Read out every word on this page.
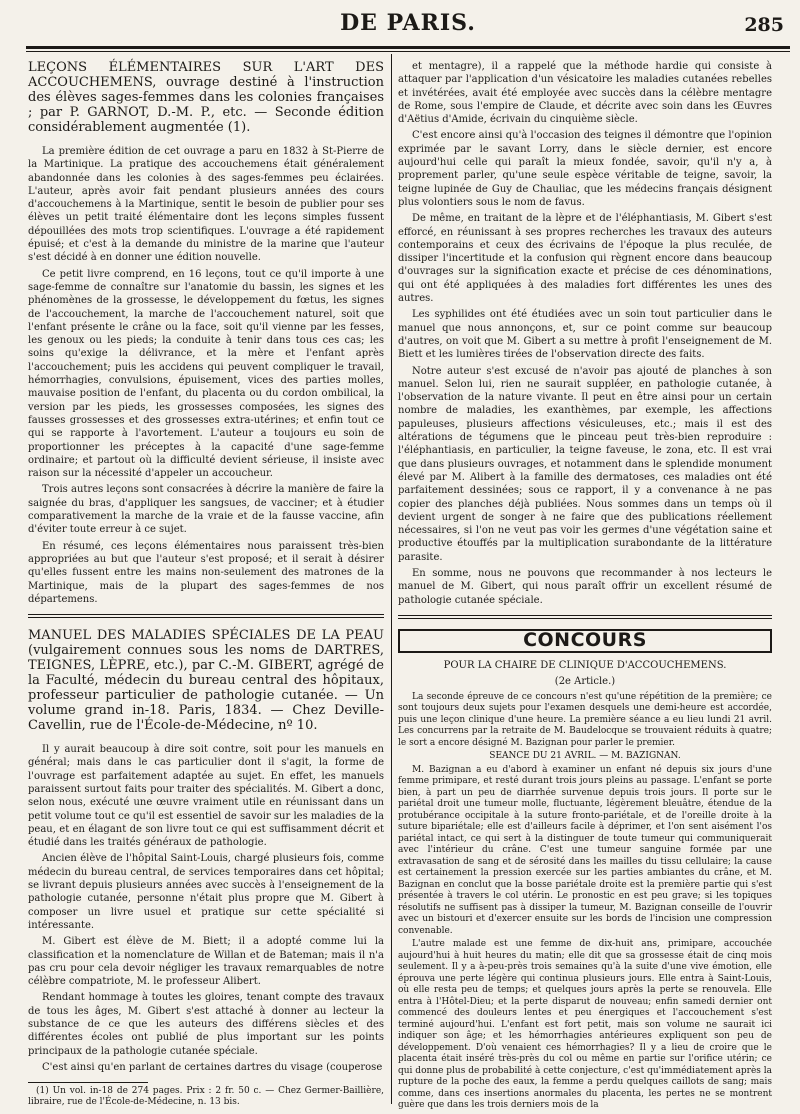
DE PARIS.	285

LEÇONS ÉLÉMENTAIRES SUR L'ART DES ACCOUCHEMENS, ouvrage destiné à l'instruction des élèves sages-femmes dans les colonies françaises ; par P. GARNOT, D.-M. P., etc. — Seconde édition considérablement augmentée (1).

La première édition de cet ouvrage a paru en 1832 à St-Pierre de la Martinique. La pratique des accouchemens était généralement abandonnée dans les colonies à des sages-femmes peu éclairées. L'auteur, après avoir fait pendant plusieurs années des cours d'accouchemens à la Martinique, sentit le besoin de publier pour ses élèves un petit traité élémentaire dont les leçons simples fussent dépouillées des mots trop scientifiques. L'ouvrage a été rapidement épuisé; et c'est à la demande du ministre de la marine que l'auteur s'est décidé à en donner une édition nouvelle.

Ce petit livre comprend, en 16 leçons, tout ce qu'il importe à une sage-femme de connaître sur l'anatomie du bassin, les signes et les phénomènes de la grossesse, le développement du fœtus, les signes de l'accouchement, la marche de l'accouchement naturel, soit que l'enfant présente le crâne ou la face, soit qu'il vienne par les fesses, les genoux ou les pieds; la conduite à tenir dans tous ces cas; les soins qu'exige la délivrance, et la mère et l'enfant après l'accouchement; puis les accidens qui peuvent compliquer le travail, hémorrhagies, convulsions, épuisement, vices des parties molles, mauvaise position de l'enfant, du placenta ou du cordon ombilical, la version par les pieds, les grossesses composées, les signes des fausses grossesses et des grossesses extra-utérines; et enfin tout ce qui se rapporte à l'avortement. L'auteur a toujours eu soin de proportionner les préceptes à la capacité d'une sage-femme ordinaire; et partout où la difficulté devient sérieuse, il insiste avec raison sur la nécessité d'appeler un accoucheur.

Trois autres leçons sont consacrées à décrire la manière de faire la saignée du bras, d'appliquer les sangsues, de vacciner; et à étudier comparativement la marche de la vraie et de la fausse vaccine, afin d'éviter toute erreur à ce sujet.

En résumé, ces leçons élémentaires nous paraissent très-bien appropriées au but que l'auteur s'est proposé; et il serait à désirer qu'elles fussent entre les mains non-seulement des matrones de la Martinique, mais de la plupart des sages-femmes de nos départemens.

MANUEL DES MALADIES SPÉCIALES DE LA PEAU (vulgairement connues sous les noms de DARTRES, TEIGNES, LÈPRE, etc.), par C.-M. GIBERT, agrégé de la Faculté, médecin du bureau central des hôpitaux, professeur particulier de pathologie cutanée. — Un volume grand in-18. Paris, 1834. — Chez Deville-Cavellin, rue de l'École-de-Médecine, nº 10.

Il y aurait beaucoup à dire soit contre, soit pour les manuels en général; mais dans le cas particulier dont il s'agit, la forme de l'ouvrage est parfaitement adaptée au sujet. En effet, les manuels paraissent surtout faits pour traiter des spécialités. M. Gibert a donc, selon nous, exécuté une œuvre vraiment utile en réunissant dans un petit volume tout ce qu'il est essentiel de savoir sur les maladies de la peau, et en élagant de son livre tout ce qui est suffisamment décrit et étudié dans les traités généraux de pathologie.

Ancien élève de l'hôpital Saint-Louis, chargé plusieurs fois, comme médecin du bureau central, de services temporaires dans cet hôpital; se livrant depuis plusieurs années avec succès à l'enseignement de la pathologie cutanée, personne n'était plus propre que M. Gibert à composer un livre usuel et pratique sur cette spécialité si intéressante.

M. Gibert est élève de M. Biett; il a adopté comme lui la classification et la nomenclature de Willan et de Bateman; mais il n'a pas cru pour cela devoir négliger les travaux remarquables de notre célèbre compatriote, M. le professeur Alibert.

Rendant hommage à toutes les gloires, tenant compte des travaux de tous les âges, M. Gibert s'est attaché à donner au lecteur la substance de ce que les auteurs des différens siècles et des différentes écoles ont publié de plus important sur les points principaux de la pathologie cutanée spéciale.

C'est ainsi qu'en parlant de certaines dartres du visage (couperose

(1) Un vol. in-18 de 274 pages. Prix : 2 fr. 50 c. — Chez Germer-Baillière, libraire, rue de l'École-de-Médecine, n. 13 bis.

et mentagre), il a rappelé que la méthode hardie qui consiste à attaquer par l'application d'un vésicatoire les maladies cutanées rebelles et invétérées, avait été employée avec succès dans la célèbre mentagre de Rome, sous l'empire de Claude, et décrite avec soin dans les Œuvres d'Aëtius d'Amide, écrivain du cinquième siècle.

C'est encore ainsi qu'à l'occasion des teignes il démontre que l'opinion exprimée par le savant Lorry, dans le siècle dernier, est encore aujourd'hui celle qui paraît la mieux fondée, savoir, qu'il n'y a, à proprement parler, qu'une seule espèce véritable de teigne, savoir, la teigne lupinée de Guy de Chauliac, que les médecins français désignent plus volontiers sous le nom de favus.

De même, en traitant de la lèpre et de l'éléphantiasis, M. Gibert s'est efforcé, en réunissant à ses propres recherches les travaux des auteurs contemporains et ceux des écrivains de l'époque la plus reculée, de dissiper l'incertitude et la confusion qui règnent encore dans beaucoup d'ouvrages sur la signification exacte et précise de ces dénominations, qui ont été appliquées à des maladies fort différentes les unes des autres.

Les syphilides ont été étudiées avec un soin tout particulier dans le manuel que nous annonçons, et, sur ce point comme sur beaucoup d'autres, on voit que M. Gibert a su mettre à profit l'enseignement de M. Biett et les lumières tirées de l'observation directe des faits.

Notre auteur s'est excusé de n'avoir pas ajouté de planches à son manuel. Selon lui, rien ne saurait suppléer, en pathologie cutanée, à l'observation de la nature vivante. Il peut en être ainsi pour un certain nombre de maladies, les exanthèmes, par exemple, les affections papuleuses, plusieurs affections vésiculeuses, etc.; mais il est des altérations de tégumens que le pinceau peut très-bien reproduire : l'éléphantiasis, en particulier, la teigne faveuse, le zona, etc. Il est vrai que dans plusieurs ouvrages, et notamment dans le splendide monument élevé par M. Alibert à la famille des dermatoses, ces maladies ont été parfaitement dessinées; sous ce rapport, il y a convenance à ne pas copier des planches déjà publiées. Nous sommes dans un temps où il devient urgent de songer à ne faire que des publications réellement nécessaires, si l'on ne veut pas voir les germes d'une végétation saine et productive étouffés par la multiplication surabondante de la littérature parasite.

En somme, nous ne pouvons que recommander à nos lecteurs le manuel de M. Gibert, qui nous paraît offrir un excellent résumé de pathologie cutanée spéciale.

CONCOURS

POUR LA CHAIRE DE CLINIQUE D'ACCOUCHEMENS.

(2e Article.)

La seconde épreuve de ce concours n'est qu'une répétition de la première; ce sont toujours deux sujets pour l'examen desquels une demi-heure est accordée, puis une leçon clinique d'une heure. La première séance a eu lieu lundi 21 avril. Les concurrens par la retraite de M. Baudelocque se trouvaient réduits à quatre; le sort a encore désigné M. Bazignan pour parler le premier.

SEANCE DU 21 AVRIL. — M. BAZIGNAN.

M. Bazignan a eu d'abord à examiner un enfant né depuis six jours d'une femme primipare, et resté durant trois jours pleins au passage. L'enfant se porte bien, à part un peu de diarrhée survenue depuis trois jours. Il porte sur le pariétal droit une tumeur molle, fluctuante, légèrement bleuâtre, étendue de la protubérance occipitale à la suture fronto-pariétale, et de l'oreille droite à la suture bipariétale; elle est d'ailleurs facile à déprimer, et l'on sent aisément l'os pariétal intact, ce qui sert à la distinguer de toute tumeur qui communiquerait avec l'intérieur du crâne. C'est une tumeur sanguine formée par une extravasation de sang et de sérosité dans les mailles du tissu cellulaire; la cause est certainement la pression exercée sur les parties ambiantes du crâne, et M. Bazignan en conclut que la bosse pariétale droite est la première partie qui s'est présentée à travers le col utérin. Le pronostic en est peu grave; si les topiques résolutifs ne suffisent pas à dissiper la tumeur, M. Bazignan conseille de l'ouvrir avec un bistouri et d'exercer ensuite sur les bords de l'incision une compression convenable.

L'autre malade est une femme de dix-huit ans, primipare, accouchée aujourd'hui à huit heures du matin; elle dit que sa grossesse était de cinq mois seulement. Il y a à-peu-près trois semaines qu'à la suite d'une vive émotion, elle éprouva une perte légère qui continua plusieurs jours. Elle entra à Saint-Louis, où elle resta peu de temps; et quelques jours après la perte se renouvela. Elle entra à l'Hôtel-Dieu; et la perte disparut de nouveau; enfin samedi dernier ont commencé des douleurs lentes et peu énergiques et l'accouchement s'est terminé aujourd'hui. L'enfant est fort petit, mais son volume ne saurait ici indiquer son âge; et les hémorrhagies antérieures expliquent son peu de développement. D'où venaient ces hémorrhagies? Il y a lieu de croire que le placenta était inséré très-près du col ou même en partie sur l'orifice utérin; ce qui donne plus de probabilité à cette conjecture, c'est qu'immédiatement après la rupture de la poche des eaux, la femme a perdu quelques caillots de sang; mais comme, dans ces insertions anormales du placenta, les pertes ne se montrent guère que dans les trois derniers mois de la
